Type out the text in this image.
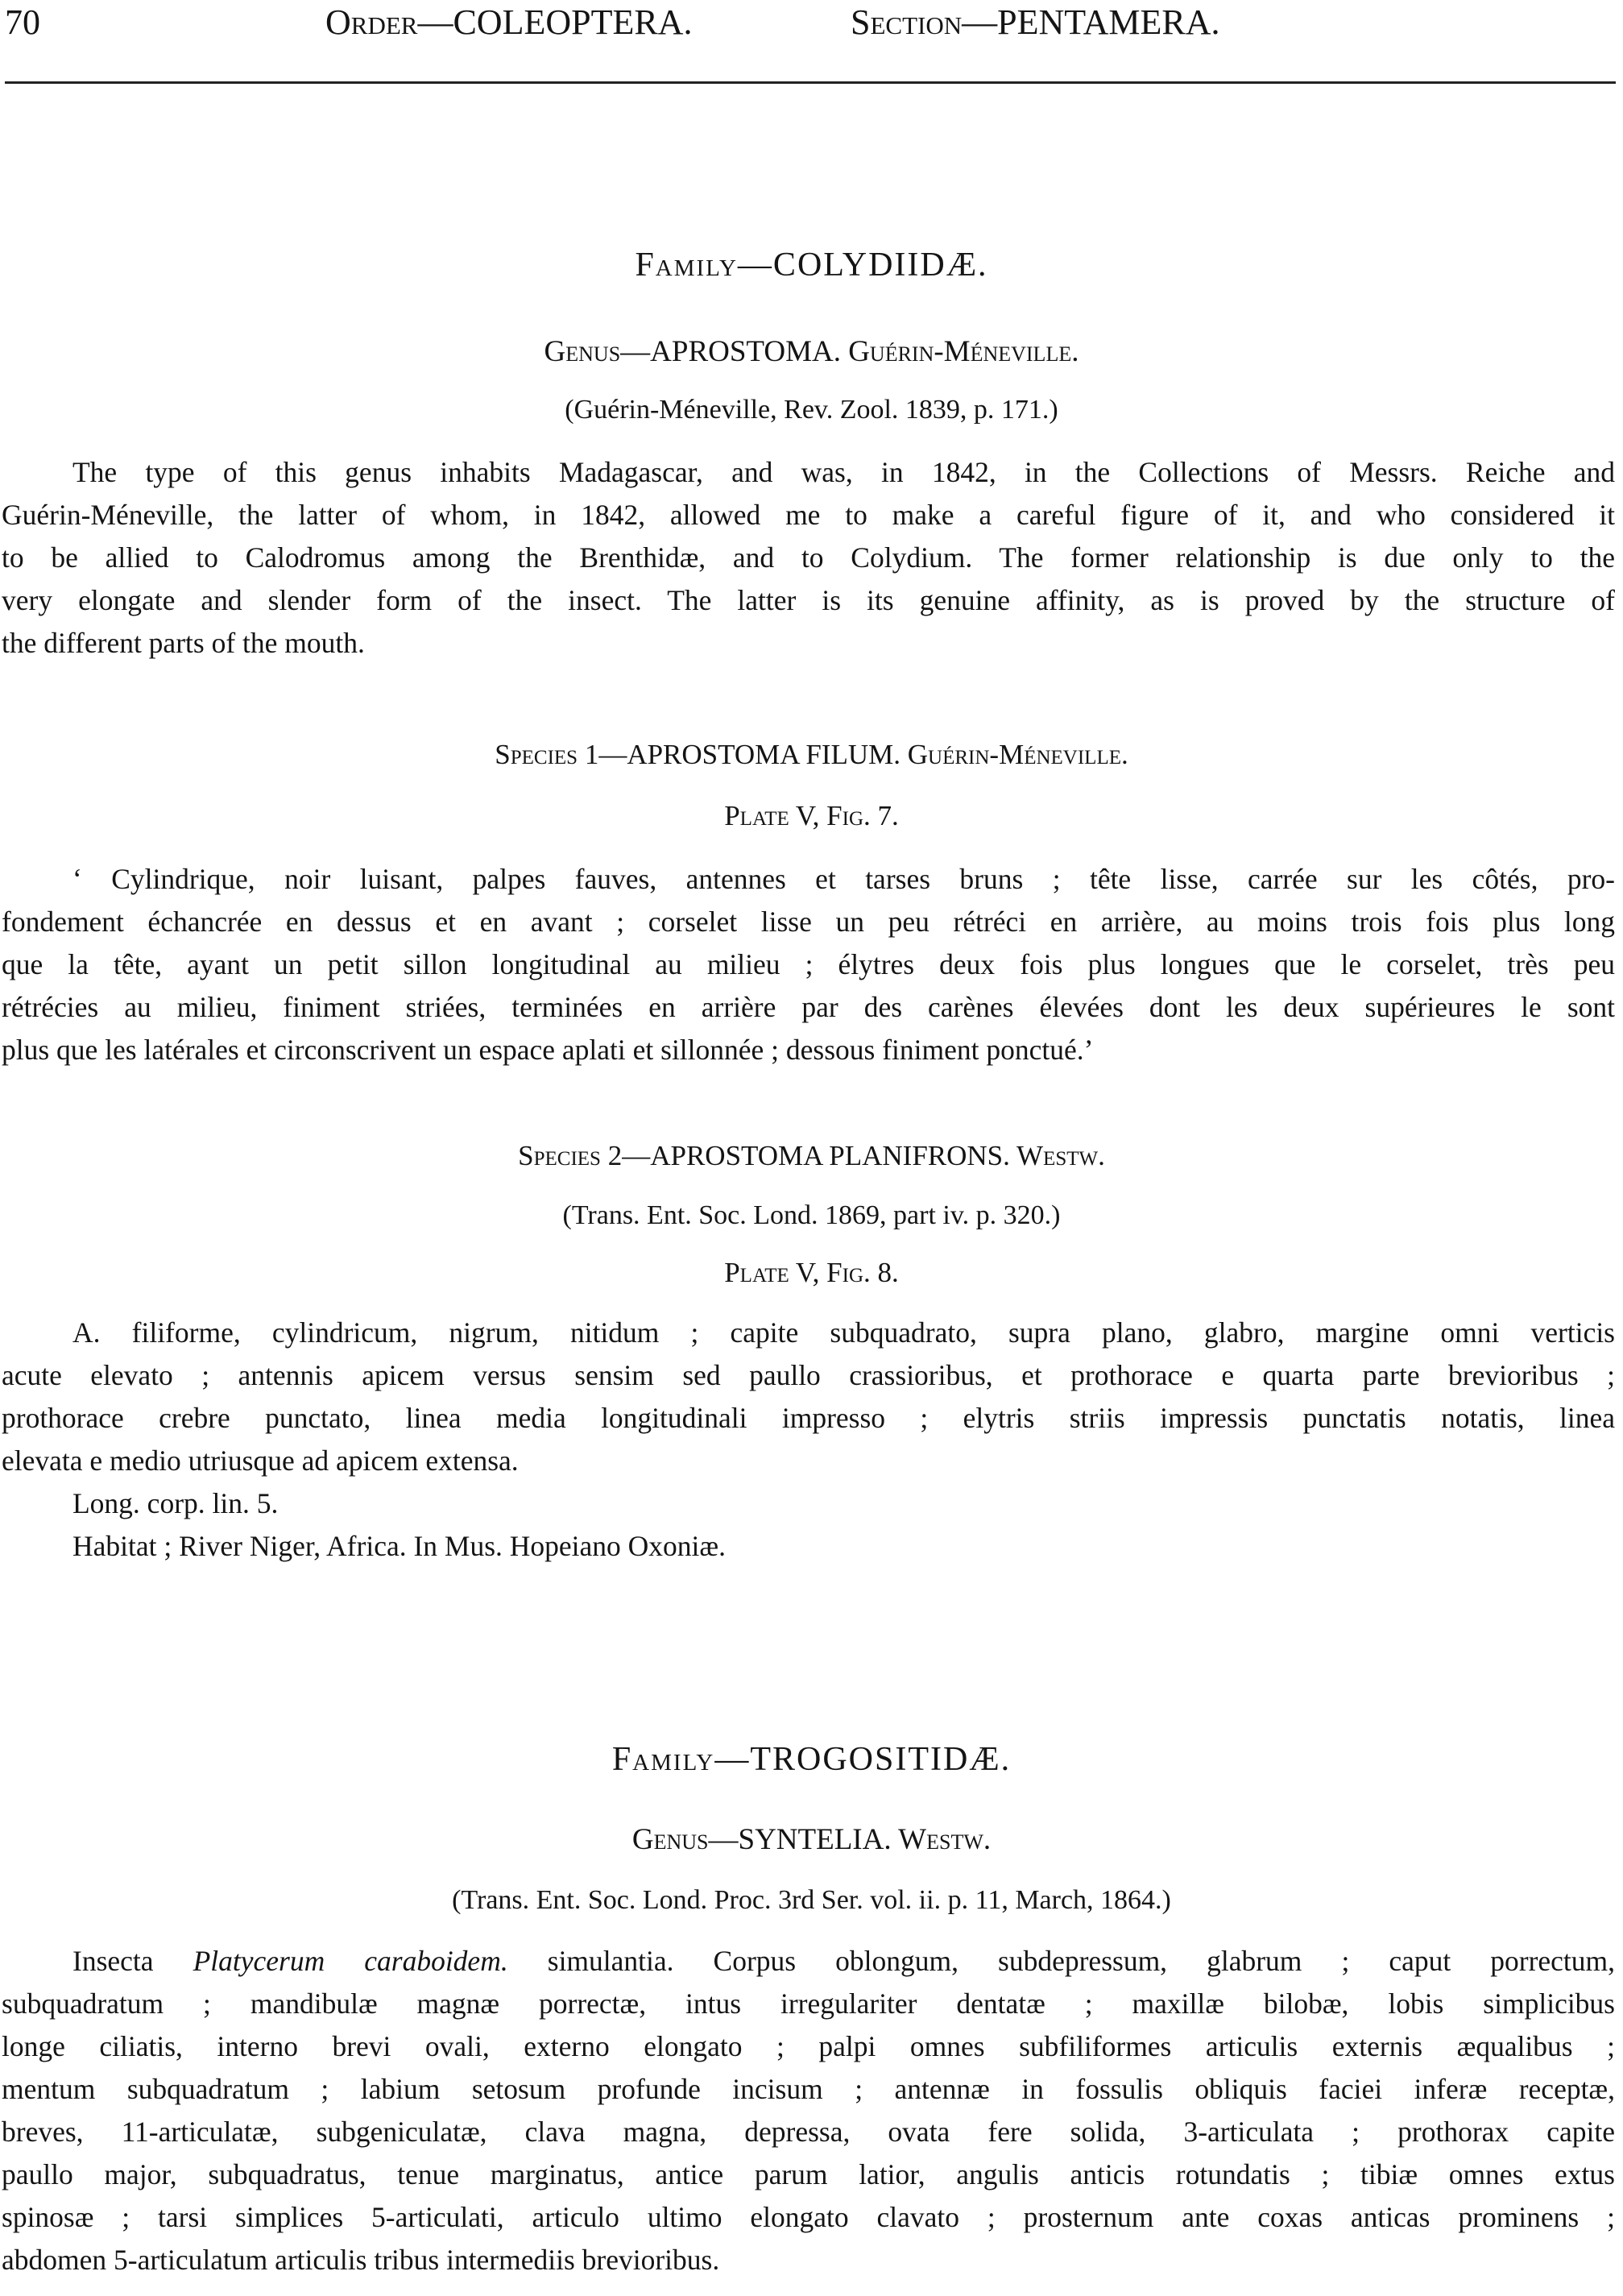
70	Order—COLEOPTERA.	Section—PENTAMERA.
Family—COLYDIIDÆ.
Genus—APROSTOMA. Guérin-Méneville.
(Guérin-Méneville, Rev. Zool. 1839, p. 171.)
The type of this genus inhabits Madagascar, and was, in 1842, in the Collections of Messrs. Reiche and
Guérin-Méneville, the latter of whom, in 1842, allowed me to make a careful figure of it, and who considered it
to be allied to Calodromus among the Brenthidæ, and to Colydium. The former relationship is due only to the
very elongate and slender form of the insect. The latter is its genuine affinity, as is proved by the structure of
the different parts of the mouth.
Species 1—APROSTOMA FILUM. Guérin-Méneville.
Plate V, Fig. 7.
‘ Cylindrique, noir luisant, palpes fauves, antennes et tarses bruns ; tête lisse, carrée sur les côtés, pro-
fondement échancrée en dessus et en avant ; corselet lisse un peu rétréci en arrière, au moins trois fois plus long
que la tête, ayant un petit sillon longitudinal au milieu ; élytres deux fois plus longues que le corselet, très peu
rétrécies au milieu, finiment striées, terminées en arrière par des carènes élevées dont les deux supérieures le sont
plus que les latérales et circonscrivent un espace aplati et sillonnée ; dessous finiment ponctué.’
Species 2—APROSTOMA PLANIFRONS. Westw.
(Trans. Ent. Soc. Lond. 1869, part iv. p. 320.)
Plate V, Fig. 8.
A. filiforme, cylindricum, nigrum, nitidum ; capite subquadrato, supra plano, glabro, margine omni verticis
acute elevato ; antennis apicem versus sensim sed paullo crassioribus, et prothorace e quarta parte brevioribus ;
prothorace crebre punctato, linea media longitudinali impresso ; elytris striis impressis punctatis notatis, linea
elevata e medio utriusque ad apicem extensa.
Long. corp. lin. 5.
Habitat ; River Niger, Africa. In Mus. Hopeiano Oxoniæ.
Family—TROGOSITIDÆ.
Genus—SYNTELIA. Westw.
(Trans. Ent. Soc. Lond. Proc. 3rd Ser. vol. ii. p. 11, March, 1864.)
Insecta Platycerum caraboidem. simulantia. Corpus oblongum, subdepressum, glabrum ; caput porrectum,
subquadratum ; mandibulæ magnæ porrectæ, intus irregulariter dentatæ ; maxillæ bilobæ, lobis simplicibus
longe ciliatis, interno brevi ovali, externo elongato ; palpi omnes subfiliformes articulis externis æqualibus ;
mentum subquadratum ; labium setosum profunde incisum ; antennæ in fossulis obliquis faciei inferæ receptæ,
breves, 11-articulatæ, subgeniculatæ, clava magna, depressa, ovata fere solida, 3-articulata ; prothorax capite
paullo major, subquadratus, tenue marginatus, antice parum latior, angulis anticis rotundatis ; tibiæ omnes extus
spinosæ ; tarsi simplices 5-articulati, articulo ultimo elongato clavato ; prosternum ante coxas anticas prominens ;
abdomen 5-articulatum articulis tribus intermediis brevioribus.
